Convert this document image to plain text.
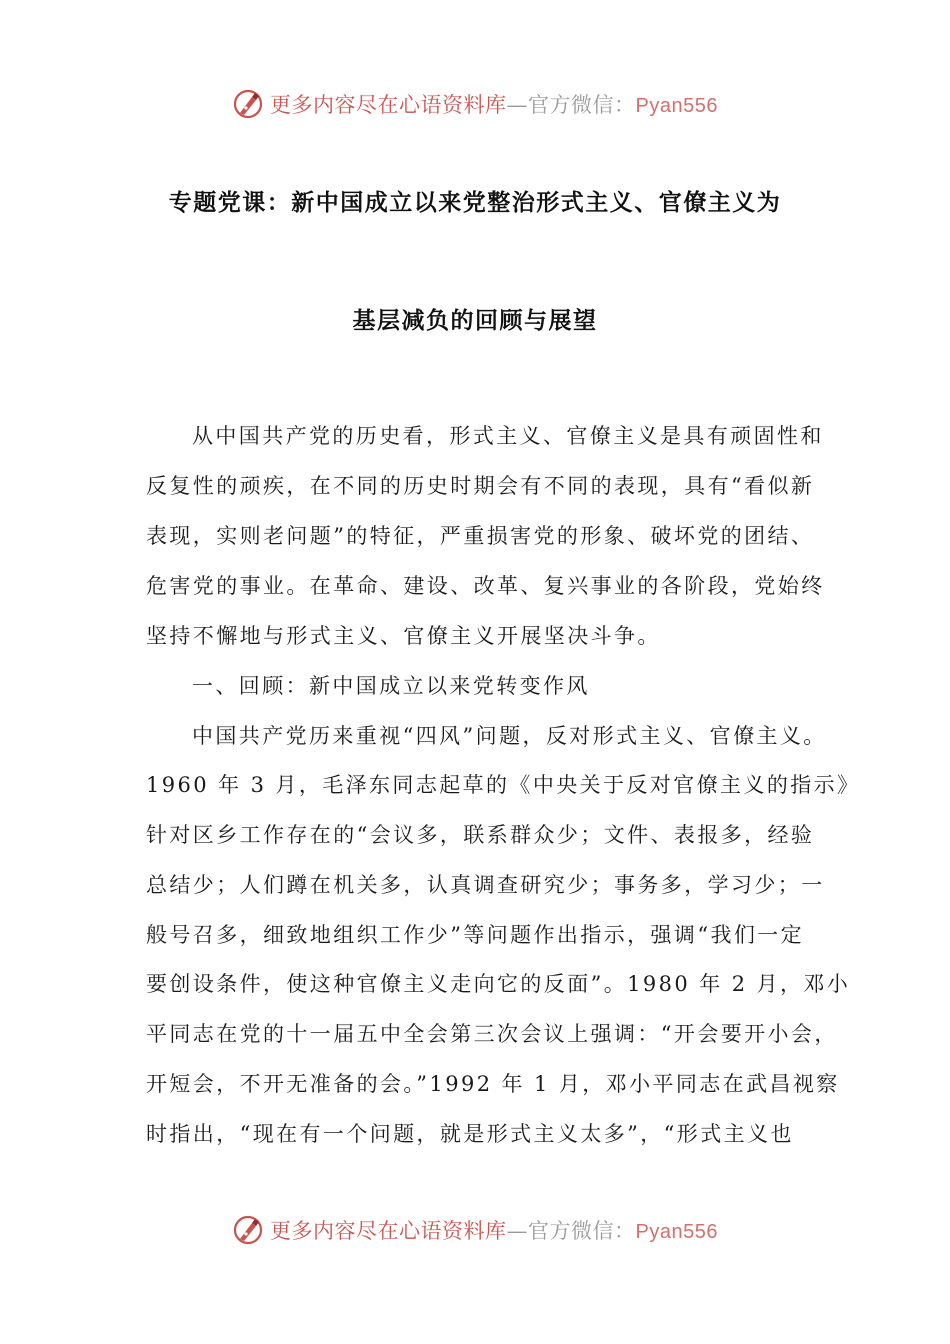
更多内容尽在心语资料库—官方微信：Pyan556
专题党课：新中国成立以来党整治形式主义、官僚主义为
基层减负的回顾与展望
从中国共产党的历史看，形式主义、官僚主义是具有顽固性和
反复性的顽疾，在不同的历史时期会有不同的表现，具有“看似新
表现，实则老问题”的特征，严重损害党的形象、破坏党的团结、
危害党的事业。在革命、建设、改革、复兴事业的各阶段，党始终
坚持不懈地与形式主义、官僚主义开展坚决斗争。
一、回顾：新中国成立以来党转变作风
中国共产党历来重视“四风”问题，反对形式主义、官僚主义。
1960 年 3 月，毛泽东同志起草的《中央关于反对官僚主义的指示》
针对区乡工作存在的“会议多，联系群众少；文件、表报多，经验
总结少；人们蹲在机关多，认真调查研究少；事务多，学习少；一
般号召多，细致地组织工作少”等问题作出指示，强调“我们一定
要创设条件，使这种官僚主义走向它的反面”。1980 年 2 月，邓小
平同志在党的十一届五中全会第三次会议上强调：“开会要开小会，
开短会，不开无准备的会。”1992 年 1 月，邓小平同志在武昌视察
时指出，“现在有一个问题，就是形式主义太多”，“形式主义也
更多内容尽在心语资料库—官方微信：Pyan556
